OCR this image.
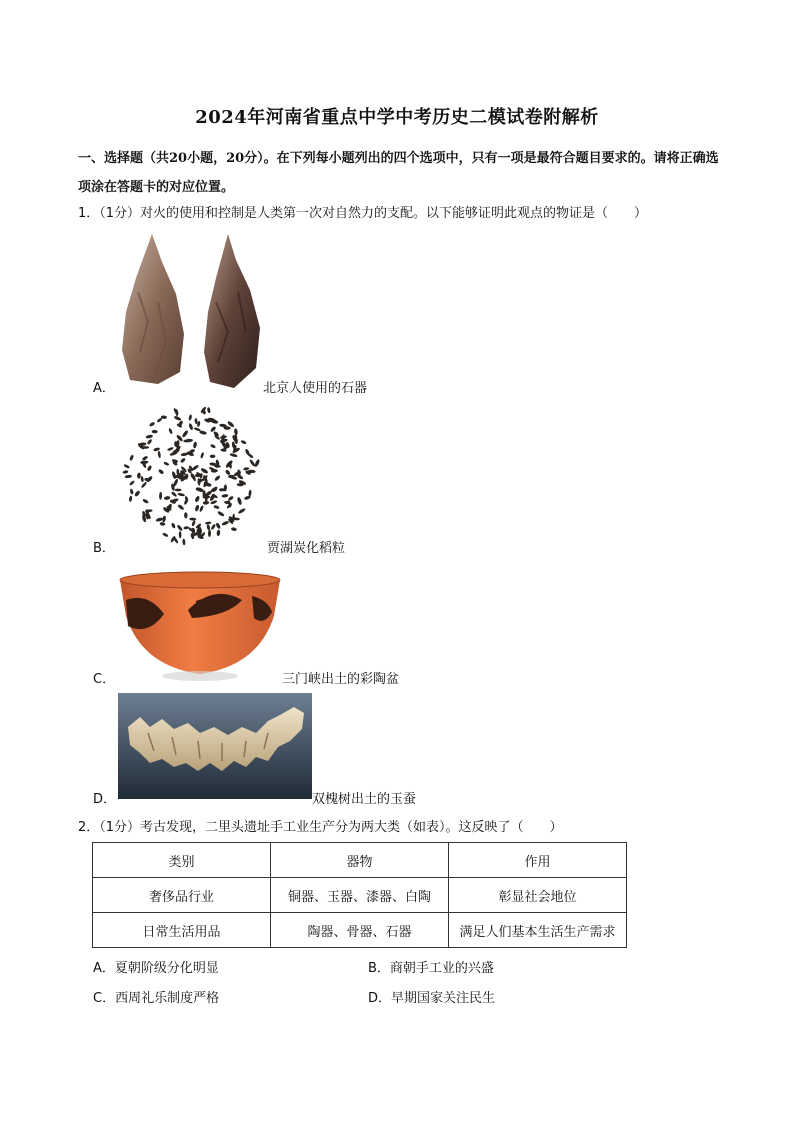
2024年河南省重点中学中考历史二模试卷附解析
一、选择题（共20小题，20分）。在下列每小题列出的四个选项中，只有一项是最符合题目要求的。请将正确选项涂在答题卡的对应位置。
1．（1分）对火的使用和控制是人类第一次对自然力的支配。以下能够证明此观点的物证是（　　）
A．	北京人使用的石器
B．	贾湖炭化稻粒
C．	三门峡出土的彩陶盆
D．	双槐树出土的玉蚕
2．（1分）考古发现，二里头遗址手工业生产分为两大类（如表）。这反映了（　　）
类别	器物	作用
奢侈品行业	铜器、玉器、漆器、白陶	彰显社会地位
日常生活用品	陶器、骨器、石器	满足人们基本生活生产需求
A．夏朝阶级分化明显	B．商朝手工业的兴盛
C．西周礼乐制度严格	D．早期国家关注民生
